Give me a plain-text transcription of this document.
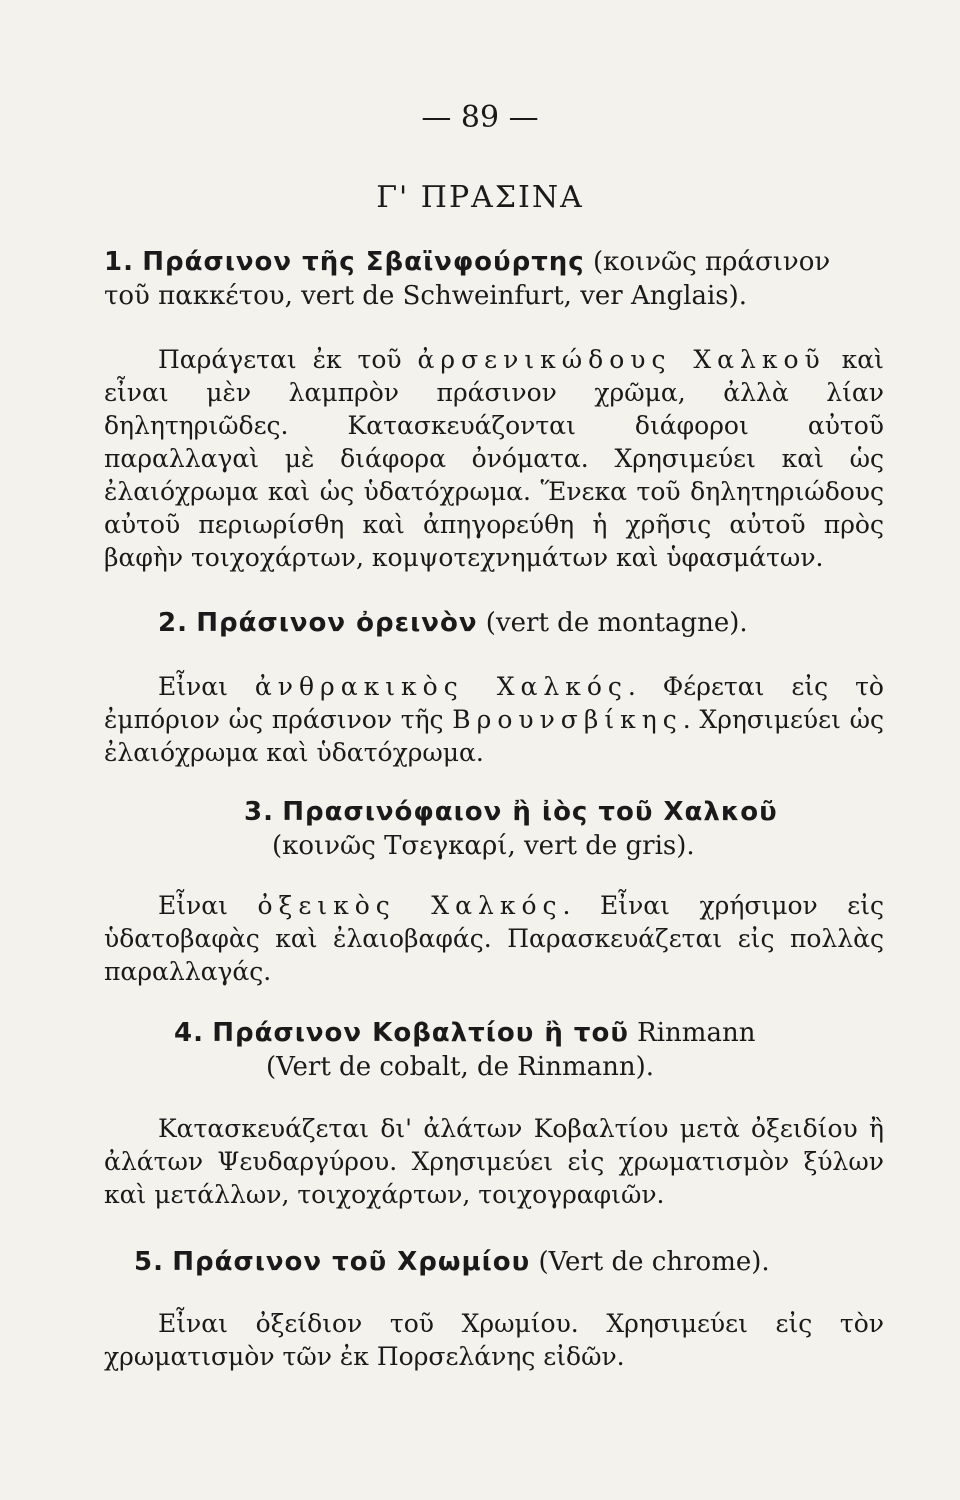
— 89 —
Γ' ΠΡΑΣΙΝΑ
1. Πράσινον τῆς Σβαϊνφούρτης (κοινῶς πράσινον τοῦ πακκέτου, vert de Schweinfurt, ver Anglais).
Παράγεται ἐκ τοῦ ἀρσενικώδους Χαλκοῦ καὶ εἶναι μὲν λαμπρὸν πράσινον χρῶμα, ἀλλὰ λίαν δηλητηριῶδες. Κατασκευάζονται διάφοροι αὐτοῦ παραλλαγαὶ μὲ διάφορα ὀνόματα. Χρησιμεύει καὶ ὡς ἐλαιόχρωμα καὶ ὡς ὑδατόχρωμα. Ἕνεκα τοῦ δηλητηριώδους αὐτοῦ περιωρίσθη καὶ ἀπηγορεύθη ἡ χρῆσις αὐτοῦ πρὸς βαφὴν τοιχοχάρτων, κομψοτεχνημάτων καὶ ὑφασμάτων.
2. Πράσινον ὀρεινὸν (vert de montagne).
Εἶναι ἀνθρακικὸς Χαλκός. Φέρεται εἰς τὸ ἐμπόριον ὡς πράσινον τῆς Βρουνσβίκης. Χρησιμεύει ὡς ἐλαιόχρωμα καὶ ὑδατόχρωμα.
3. Πρασινόφαιον ἢ ἰὸς τοῦ Χαλκοῦ
(κοινῶς Τσεγκαρί, vert de gris).
Εἶναι ὀξεικὸς Χαλκός. Εἶναι χρήσιμον εἰς ὑδατοβαφὰς καὶ ἐλαιοβαφάς. Παρασκευάζεται εἰς πολλὰς παραλλαγάς.
4. Πράσινον Κοβαλτίου ἢ τοῦ Rinmann
(Vert de cobalt, de Rinmann).
Κατασκευάζεται δι' ἀλάτων Κοβαλτίου μετὰ ὀξειδίου ἢ ἀλάτων Ψευδαργύρου. Χρησιμεύει εἰς χρωματισμὸν ξύλων καὶ μετάλλων, τοιχοχάρτων, τοιχογραφιῶν.
5. Πράσινον τοῦ Χρωμίου (Vert de chrome).
Εἶναι ὀξείδιον τοῦ Χρωμίου. Χρησιμεύει εἰς τὸν χρωματισμὸν τῶν ἐκ Πορσελάνης εἰδῶν.
